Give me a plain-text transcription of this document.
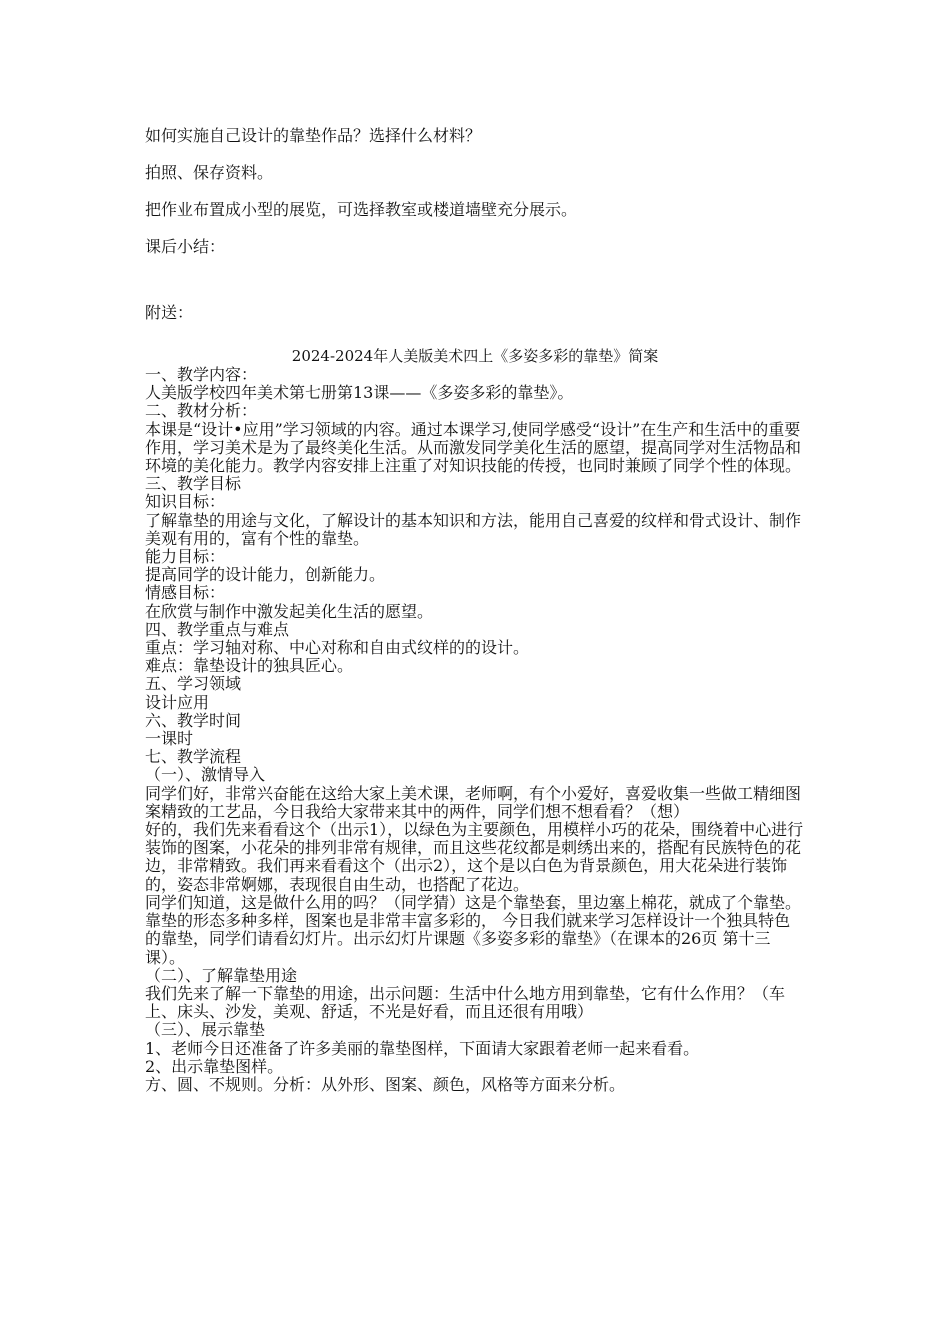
如何实施自己设计的靠垫作品？选择什么材料？

拍照、保存资料。

把作业布置成小型的展览，可选择教室或楼道墙壁充分展示。

课后小结：

附送：
2024-2024年人美版美术四上《多姿多彩的靠垫》简案
一、教学内容：
人美版学校四年美术第七册第13课——《多姿多彩的靠垫》。
二、教材分析：
本课是“设计•应用”学习领域的内容。通过本课学习,使同学感受“设计”在生产和生活中的重要作用，学习美术是为了最终美化生活。从而激发同学美化生活的愿望，提高同学对生活物品和环境的美化能力。教学内容安排上注重了对知识技能的传授，也同时兼顾了同学个性的体现。
三、教学目标
知识目标：
了解靠垫的用途与文化，了解设计的基本知识和方法，能用自己喜爱的纹样和骨式设计、制作美观有用的，富有个性的靠垫。
能力目标：
提高同学的设计能力，创新能力。
情感目标：
在欣赏与制作中激发起美化生活的愿望。
四、教学重点与难点
重点：学习轴对称、中心对称和自由式纹样的的设计。
难点：靠垫设计的独具匠心。
五、学习领域
设计应用
六、教学时间
一课时
七、教学流程
（一）、激情导入
同学们好，非常兴奋能在这给大家上美术课，老师啊，有个小爱好，喜爱收集一些做工精细图案精致的工艺品，今日我给大家带来其中的两件，同学们想不想看看？（想）
好的，我们先来看看这个（出示1），以绿色为主要颜色，用模样小巧的花朵，围绕着中心进行装饰的图案，小花朵的排列非常有规律，而且这些花纹都是刺绣出来的，搭配有民族特色的花边，非常精致。我们再来看看这个（出示2），这个是以白色为背景颜色，用大花朵进行装饰的，姿态非常婀娜，表现很自由生动，也搭配了花边。
同学们知道，这是做什么用的吗？（同学猜）这是个靠垫套，里边塞上棉花，就成了个靠垫。靠垫的形态多种多样，图案也是非常丰富多彩的， 今日我们就来学习怎样设计一个独具特色的靠垫，同学们请看幻灯片。出示幻灯片课题《多姿多彩的靠垫》（在课本的26页 第十三课）。
（二）、了解靠垫用途
我们先来了解一下靠垫的用途，出示问题：生活中什么地方用到靠垫，它有什么作用？（车上、床头、沙发，美观、舒适，不光是好看，而且还很有用哦）
（三）、展示靠垫
1、老师今日还准备了许多美丽的靠垫图样，下面请大家跟着老师一起来看看。
2、出示靠垫图样。
方、圆、不规则。分析：从外形、图案、颜色，风格等方面来分析。
